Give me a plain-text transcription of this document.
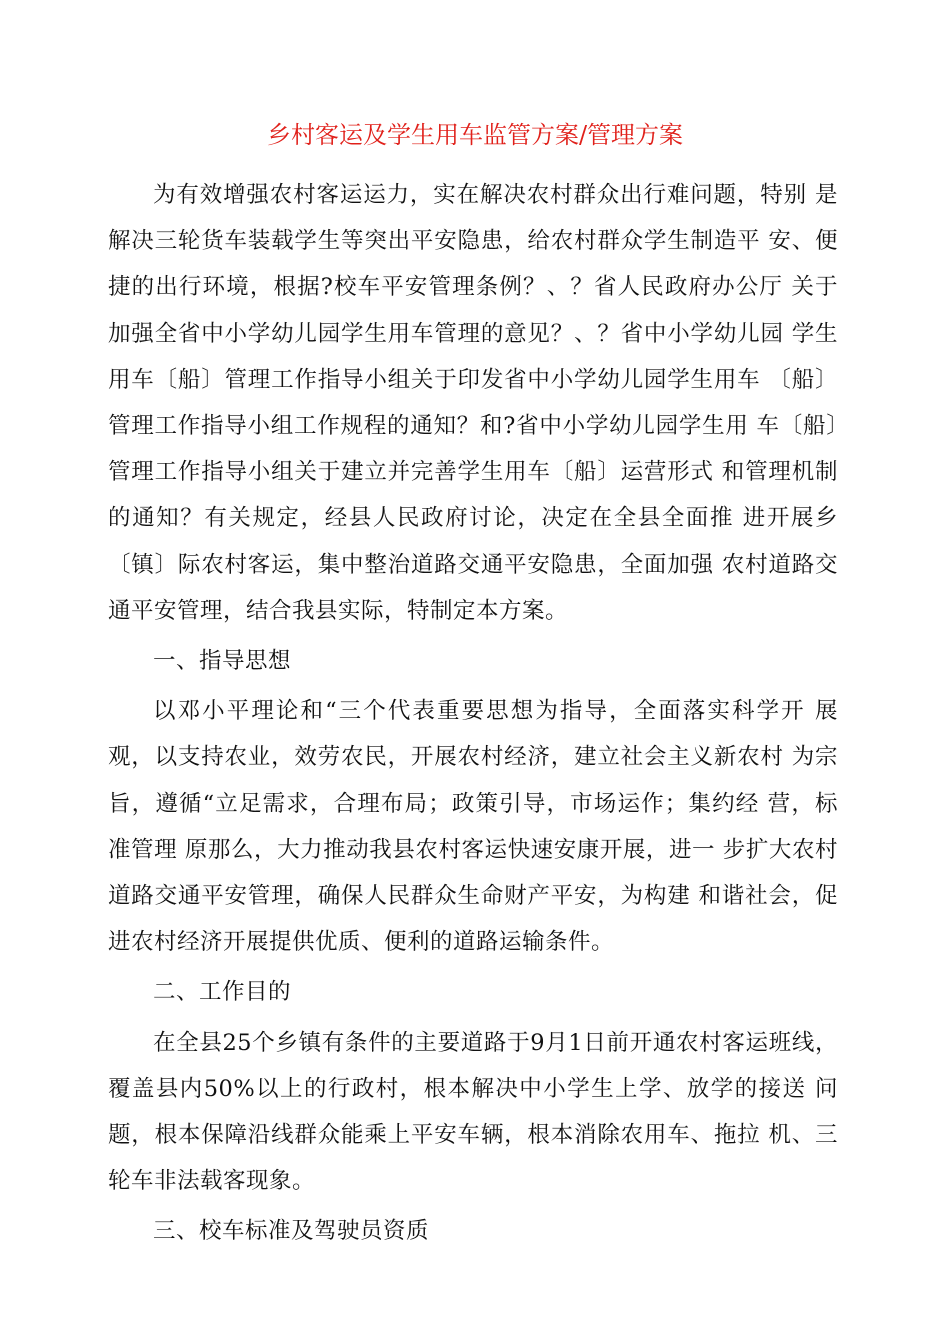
乡村客运及学生用车监管方案/管理方案

为有效增强农村客运运力，实在解决农村群众出行难问题，特别 是解决三轮货车装载学生等突出平安隐患，给农村群众学生制造平 安、便捷的出行环境，根据?校车平安管理条例？、？省人民政府办公厅 关于加强全省中小学幼儿园学生用车管理的意见？、？省中小学幼儿园 学生用车〔船〕管理工作指导小组关于印发省中小学幼儿园学生用车 〔船〕管理工作指导小组工作规程的通知？和?省中小学幼儿园学生用 车〔船〕管理工作指导小组关于建立并完善学生用车〔船〕运营形式 和管理机制的通知？有关规定，经县人民政府讨论，决定在全县全面推 进开展乡〔镇〕际农村客运，集中整治道路交通平安隐患，全面加强 农村道路交通平安管理，结合我县实际，特制定本方案。

一、指导思想

以邓小平理论和“三个代表重要思想为指导，全面落实科学开 展观，以支持农业，效劳农民，开展农村经济，建立社会主义新农村 为宗旨，遵循“立足需求，合理布局；政策引导，市场运作；集约经 营，标准管理 原那么，大力推动我县农村客运快速安康开展，进一 步扩大农村道路交通平安管理，确保人民群众生命财产平安，为构建 和谐社会，促进农村经济开展提供优质、便利的道路运输条件。

二、工作目的

在全县25个乡镇有条件的主要道路于9月1日前开通农村客运班线，覆盖县内50%以上的行政村，根本解决中小学生上学、放学的接送 问题，根本保障沿线群众能乘上平安车辆，根本消除农用车、拖拉 机、三轮车非法载客现象。

三、校车标准及驾驶员资质
